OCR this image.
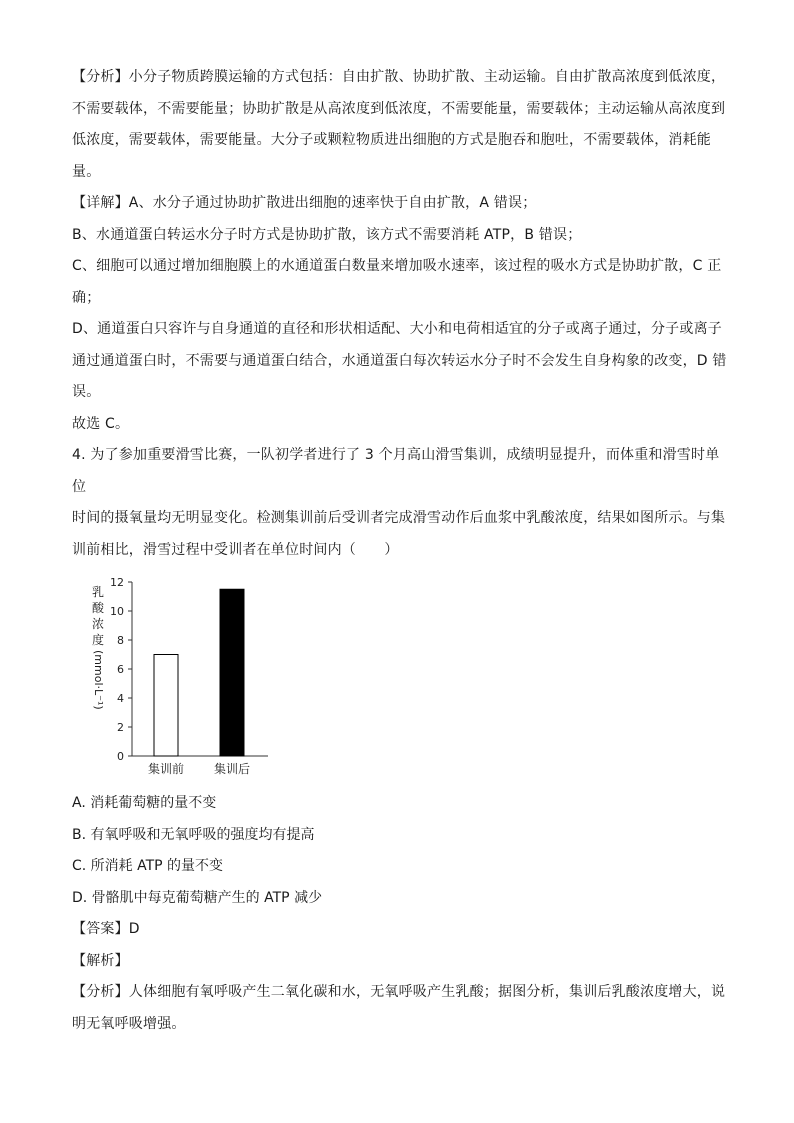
【分析】小分子物质跨膜运输的方式包括：自由扩散、协助扩散、主动运输。自由扩散高浓度到低浓度，

不需要载体，不需要能量；协助扩散是从高浓度到低浓度，不需要能量，需要载体；主动运输从高浓度到

低浓度，需要载体，需要能量。大分子或颗粒物质进出细胞的方式是胞吞和胞吐，不需要载体，消耗能

量。

【详解】A、水分子通过协助扩散进出细胞的速率快于自由扩散，A 错误；

B、水通道蛋白转运水分子时方式是协助扩散，该方式不需要消耗 ATP，B 错误；

C、细胞可以通过增加细胞膜上的水通道蛋白数量来增加吸水速率，该过程的吸水方式是协助扩散，C 正

确；

D、通道蛋白只容许与自身通道的直径和形状相适配、大小和电荷相适宜的分子或离子通过，分子或离子

通过通道蛋白时，不需要与通道蛋白结合，水通道蛋白每次转运水分子时不会发生自身构象的改变，D 错

误。

故选 C。

4. 为了参加重要滑雪比赛，一队初学者进行了 3 个月高山滑雪集训，成绩明显提升，而体重和滑雪时单位

时间的摄氧量均无明显变化。检测集训前后受训者完成滑雪动作后血浆中乳酸浓度，结果如图所示。与集

训前相比，滑雪过程中受训者在单位时间内（　　）

乳
酸
浓
度
(mmol·L⁻¹)
0
2
4
6
8
10
12
集训前 集训后

A. 消耗葡萄糖的量不变

B. 有氧呼吸和无氧呼吸的强度均有提高

C. 所消耗 ATP 的量不变

D. 骨骼肌中每克葡萄糖产生的 ATP 减少

【答案】D

【解析】

【分析】人体细胞有氧呼吸产生二氧化碳和水，无氧呼吸产生乳酸；据图分析，集训后乳酸浓度增大，说

明无氧呼吸增强。
